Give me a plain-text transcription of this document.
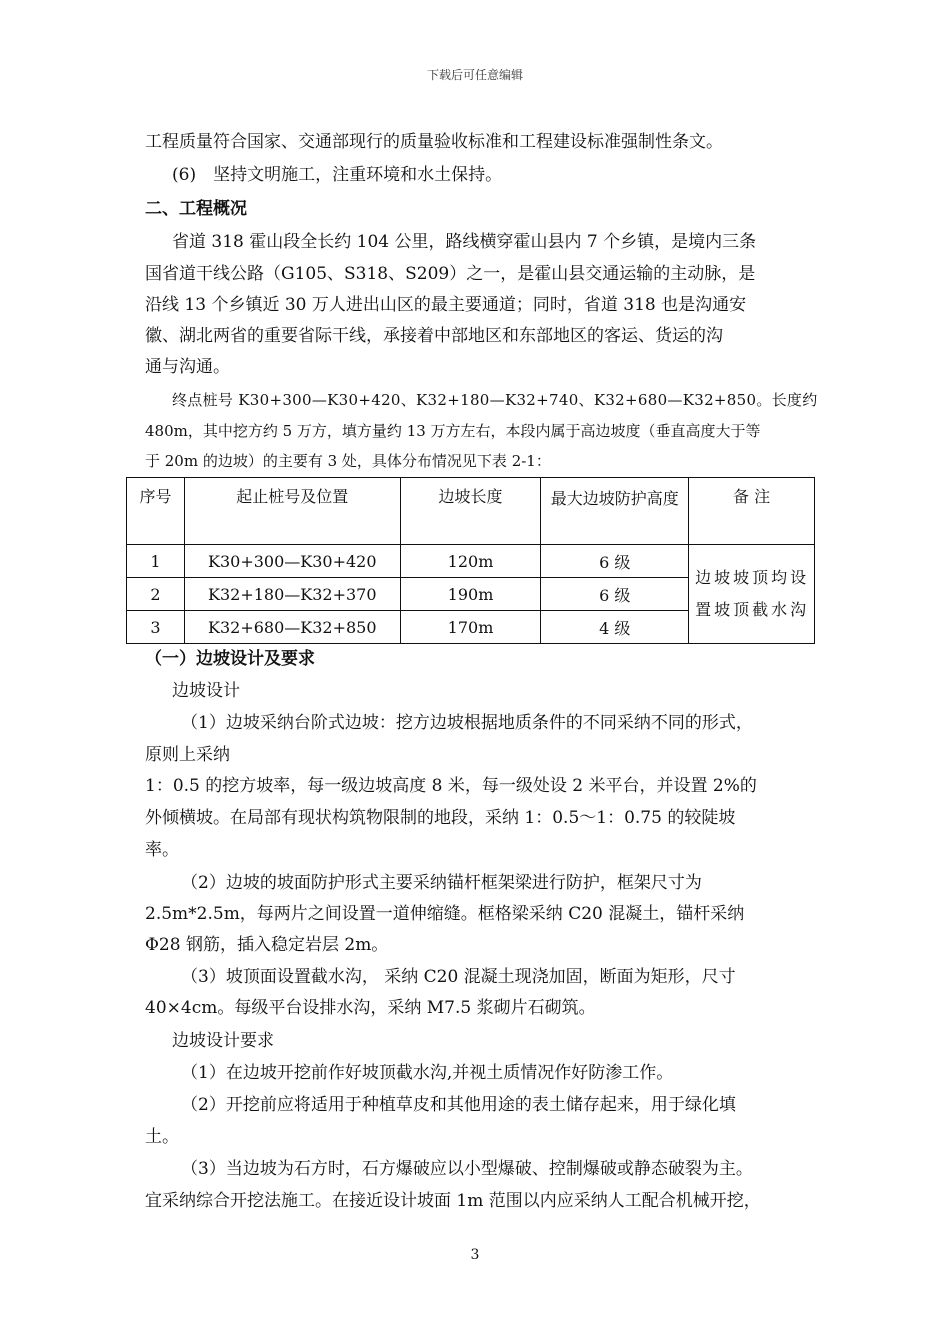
下载后可任意编辑
工程质量符合国家、交通部现行的质量验收标准和工程建设标准强制性条文。
(6)　坚持文明施工，注重环境和水土保持。
二、工程概况
省道 318 霍山段全长约 104 公里，路线横穿霍山县内 7 个乡镇，是境内三条
国省道干线公路（G105、S318、S209）之一，是霍山县交通运输的主动脉，是
沿线 13 个乡镇近 30 万人进出山区的最主要通道；同时，省道 318 也是沟通安
徽、湖北两省的重要省际干线，承接着中部地区和东部地区的客运、货运的沟
通与沟通。
终点桩号 K30+300—K30+420、K32+180—K32+740、K32+680—K32+850。长度约
480m，其中挖方约 5 万方，填方量约 13 万方左右，本段内属于高边坡度（垂直高度大于等
于 20m 的边坡）的主要有 3 处，具体分布情况见下表 2-1：
序号	起止桩号及位置	边坡长度	最大边坡防护高度	备 注
1	K30+300—K30+420	120m	6 级	边坡坡顶均设置坡顶截水沟
2	K32+180—K32+370	190m	6 级	
3	K32+680—K32+850	170m	4 级	
（一）边坡设计及要求
边坡设计
（1）边坡采纳台阶式边坡：挖方边坡根据地质条件的不同采纳不同的形式，
原则上采纳
1：0.5 的挖方坡率，每一级边坡高度 8 米，每一级处设 2 米平台，并设置 2%的
外倾横坡。在局部有现状构筑物限制的地段，采纳 1：0.5～1：0.75 的较陡坡
率。
（2）边坡的坡面防护形式主要采纳锚杆框架梁进行防护，框架尺寸为
2.5m*2.5m，每两片之间设置一道伸缩缝。框格梁采纳 C20 混凝土，锚杆采纳
Φ28 钢筋，插入稳定岩层 2m。
（3）坡顶面设置截水沟， 采纳 C20 混凝土现浇加固，断面为矩形，尺寸
40×4cm。每级平台设排水沟，采纳 M7.5 浆砌片石砌筑。
边坡设计要求
（1）在边坡开挖前作好坡顶截水沟,并视土质情况作好防渗工作。
（2）开挖前应将适用于种植草皮和其他用途的表土储存起来，用于绿化填
土。
（3）当边坡为石方时，石方爆破应以小型爆破、控制爆破或静态破裂为主。
宜采纳综合开挖法施工。在接近设计坡面 1m 范围以内应采纳人工配合机械开挖，
3
